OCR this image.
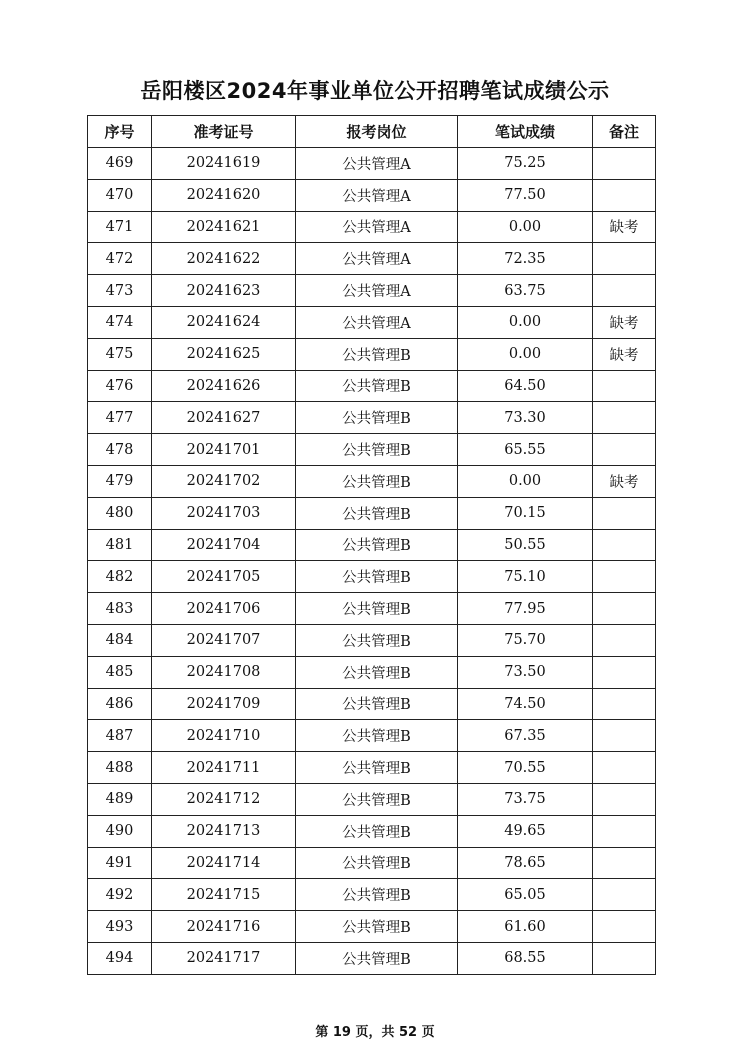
岳阳楼区2024年事业单位公开招聘笔试成绩公示
序号	准考证号	报考岗位	笔试成绩	备注
469	20241619	公共管理A	75.25	
470	20241620	公共管理A	77.50	
471	20241621	公共管理A	0.00	缺考
472	20241622	公共管理A	72.35	
473	20241623	公共管理A	63.75	
474	20241624	公共管理A	0.00	缺考
475	20241625	公共管理B	0.00	缺考
476	20241626	公共管理B	64.50	
477	20241627	公共管理B	73.30	
478	20241701	公共管理B	65.55	
479	20241702	公共管理B	0.00	缺考
480	20241703	公共管理B	70.15	
481	20241704	公共管理B	50.55	
482	20241705	公共管理B	75.10	
483	20241706	公共管理B	77.95	
484	20241707	公共管理B	75.70	
485	20241708	公共管理B	73.50	
486	20241709	公共管理B	74.50	
487	20241710	公共管理B	67.35	
488	20241711	公共管理B	70.55	
489	20241712	公共管理B	73.75	
490	20241713	公共管理B	49.65	
491	20241714	公共管理B	78.65	
492	20241715	公共管理B	65.05	
493	20241716	公共管理B	61.60	
494	20241717	公共管理B	68.55	
第 19 页，共 52 页
